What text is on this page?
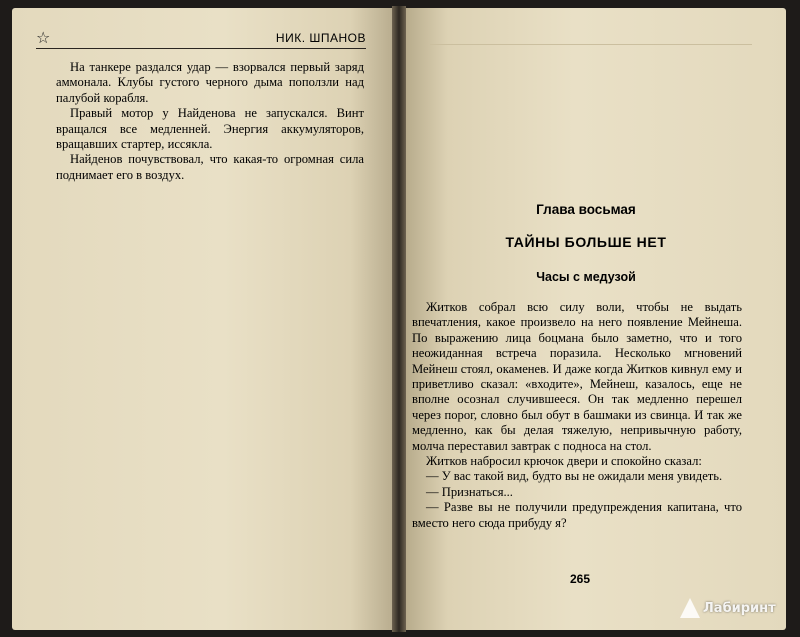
☆	НИК. ШПАНОВ

На танкере раздался удар — взорвался первый заряд аммонала. Клубы густого черного дыма поползли над палубой корабля.

Правый мотор у Найденова не запускался. Винт вращался все медленней. Энергия аккумуляторов, вращавших стартер, иссякла.

Найденов почувствовал, что какая-то огромная сила поднимает его в воздух.

Глава восьмая
ТАЙНЫ БОЛЬШЕ НЕТ
Часы с медузой

Житков собрал всю силу воли, чтобы не выдать впечатления, какое произвело на него появление Мейнеша. По выражению лица боцмана было заметно, что и того неожиданная встреча поразила. Несколько мгновений Мейнеш стоял, окаменев. И даже когда Житков кивнул ему и приветливо сказал: «входите», Мейнеш, казалось, еще не вполне осознал случившееся. Он так медленно перешел через порог, словно был обут в башмаки из свинца. И так же медленно, как бы делая тяжелую, непривычную работу, молча переставил завтрак с подноса на стол.

Житков набросил крючок двери и спокойно сказал:

— У вас такой вид, будто вы не ожидали меня увидеть.

— Признаться...

— Разве вы не получили предупреждения капитана, что вместо него сюда прибуду я?

265
Лабиринт
